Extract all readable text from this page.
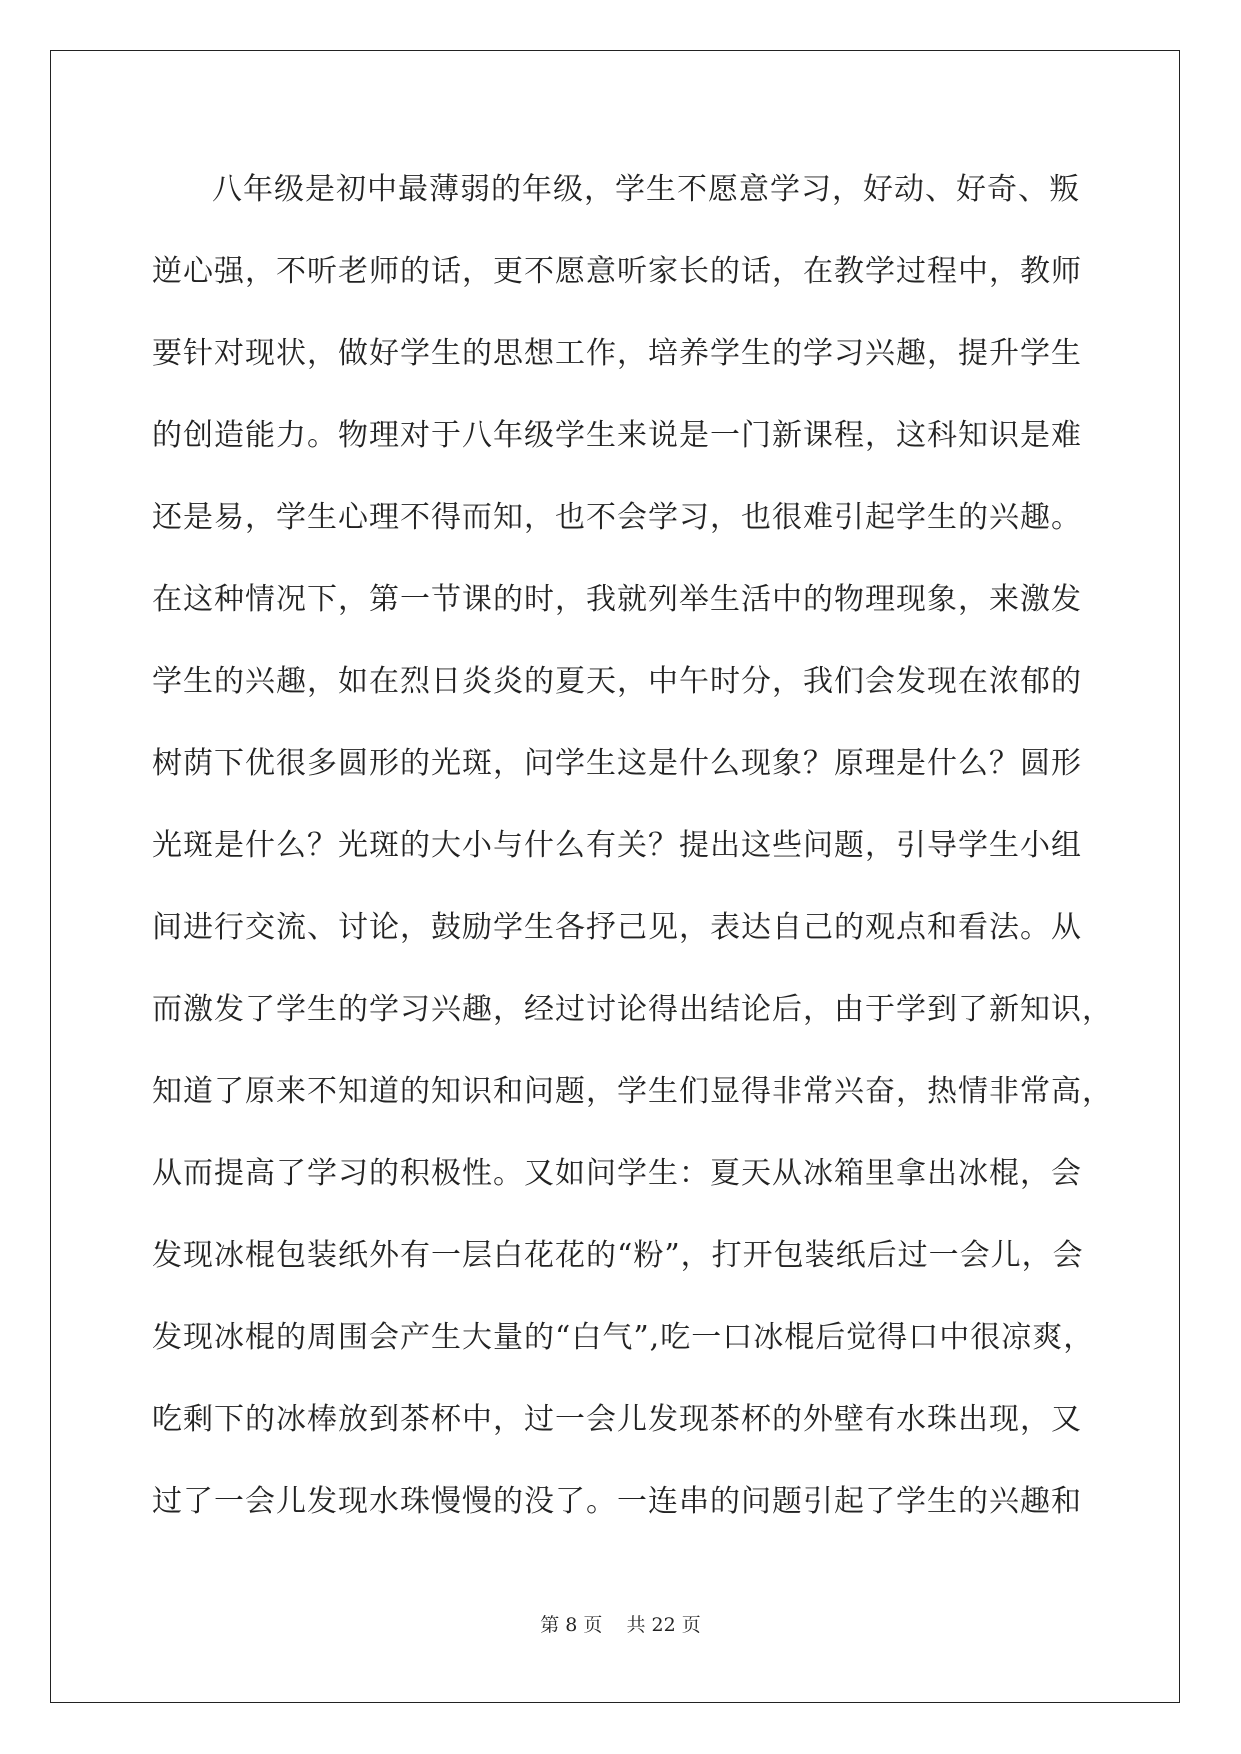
八年级是初中最薄弱的年级，学生不愿意学习，好动、好奇、叛
逆心强，不听老师的话，更不愿意听家长的话，在教学过程中，教师
要针对现状，做好学生的思想工作，培养学生的学习兴趣，提升学生
的创造能力。物理对于八年级学生来说是一门新课程，这科知识是难
还是易，学生心理不得而知，也不会学习，也很难引起学生的兴趣。
在这种情况下，第一节课的时，我就列举生活中的物理现象，来激发
学生的兴趣，如在烈日炎炎的夏天，中午时分，我们会发现在浓郁的
树荫下优很多圆形的光斑，问学生这是什么现象？原理是什么？圆形
光斑是什么？光斑的大小与什么有关？提出这些问题，引导学生小组
间进行交流、讨论，鼓励学生各抒己见，表达自己的观点和看法。从
而激发了学生的学习兴趣，经过讨论得出结论后，由于学到了新知识，
知道了原来不知道的知识和问题，学生们显得非常兴奋，热情非常高，
从而提高了学习的积极性。又如问学生：夏天从冰箱里拿出冰棍，会
发现冰棍包装纸外有一层白花花的“粉”，打开包装纸后过一会儿，会
发现冰棍的周围会产生大量的“白气”,吃一口冰棍后觉得口中很凉爽，
吃剩下的冰棒放到茶杯中，过一会儿发现茶杯的外壁有水珠出现，又
过了一会儿发现水珠慢慢的没了。一连串的问题引起了学生的兴趣和
第 8 页 共 22 页
